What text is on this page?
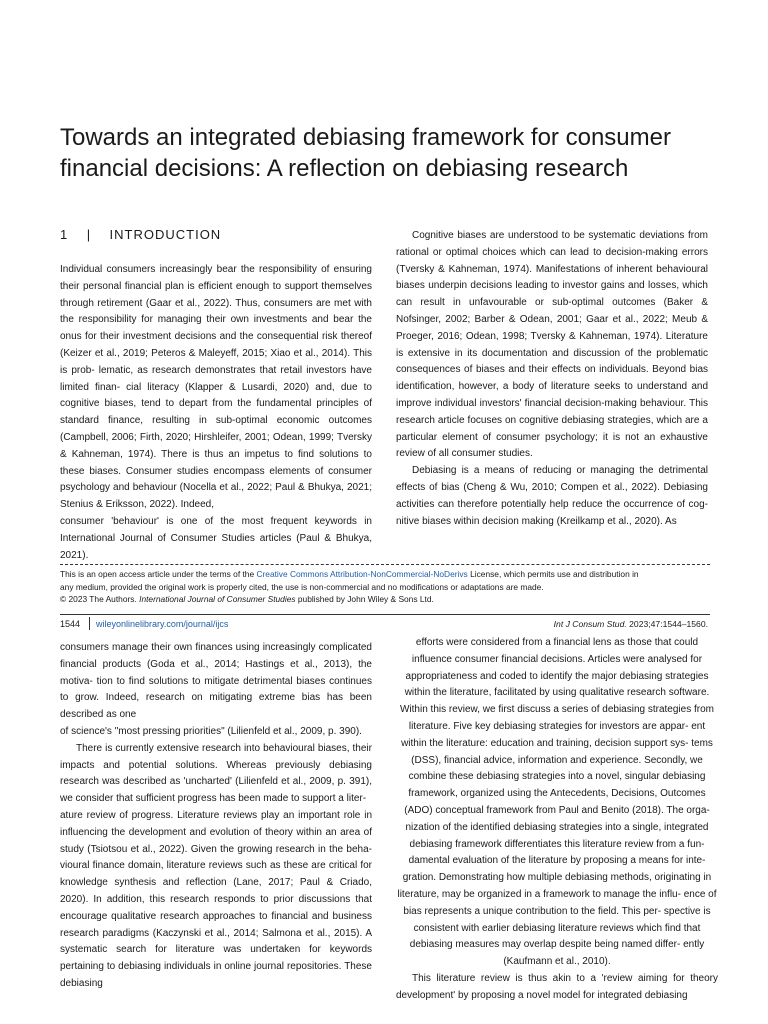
Towards an integrated debiasing framework for consumer financial decisions: A reflection on debiasing research
1 | INTRODUCTION

Individual consumers increasingly bear the responsibility of ensuring their personal financial plan is efficient enough to support themselves through retirement (Gaar et al., 2022). Thus, consumers are met with the responsibility for managing their own investments and bear the onus for their investment decisions and the consequential risk thereof (Keizer et al., 2019; Peteros & Maleyeff, 2015; Xiao et al., 2014). This is prob- lematic, as research demonstrates that retail investors have limited finan- cial literacy (Klapper & Lusardi, 2020) and, due to cognitive biases, tend to depart from the fundamental principles of standard finance, resulting in sub-optimal economic outcomes (Campbell, 2006; Firth, 2020; Hirshleifer, 2001; Odean, 1999; Tversky & Kahneman, 1974). There is thus an impetus to find solutions to these biases. Consumer studies encompass elements of consumer psychology and behaviour (Nocella et al., 2022; Paul & Bhukya, 2021; Stenius & Eriksson, 2022). Indeed,

consumer 'behaviour' is one of the most frequent keywords in International Journal of Consumer Studies articles (Paul & Bhukya, 2021).

Cognitive biases are understood to be systematic deviations from rational or optimal choices which can lead to decision-making errors (Tversky & Kahneman, 1974). Manifestations of inherent behavioural biases underpin decisions leading to investor gains and losses, which can result in unfavourable or sub-optimal outcomes (Baker & Nofsinger, 2002; Barber & Odean, 2001; Gaar et al., 2022; Meub & Proeger, 2016; Odean, 1998; Tversky & Kahneman, 1974). Literature is extensive in its documentation and discussion of the problematic consequences of biases and their effects on individuals. Beyond bias identification, however, a body of literature seeks to understand and improve individual investors' financial decision-making behaviour. This research article focuses on cognitive debiasing strategies, which are a particular element of consumer psychology; it is not an exhaustive review of all consumer studies.

Debiasing is a means of reducing or managing the detrimental effects of bias (Cheng & Wu, 2010; Compen et al., 2022). Debiasing activities can therefore potentially help reduce the occurrence of cog- nitive biases within decision making (Kreilkamp et al., 2020). As

This is an open access article under the terms of the Creative Commons Attribution-NonCommercial-NoDerivs License, which permits use and distribution in

any medium, provided the original work is properly cited, the use is non-commercial and no modifications or adaptations are made.

© 2023 The Authors. International Journal of Consumer Studies published by John Wiley & Sons Ltd.

1544 wileyonlinelibrary.com/journal/ijcs	Int J Consum Stud. 2023;47:1544–1560.

consumers manage their own finances using increasingly complicated financial products (Goda et al., 2014; Hastings et al., 2013), the motiva- tion to find solutions to mitigate detrimental biases continues to grow. Indeed, research on mitigating extreme bias has been described as one

of science's "most pressing priorities" (Lilienfeld et al., 2009, p. 390).

There is currently extensive research into behavioural biases, their impacts and potential solutions. Whereas previously debiasing research was described as 'uncharted' (Lilienfeld et al., 2009, p. 391), we consider that sufficient progress has been made to support a liter-

ature review of progress. Literature reviews play an important role in influencing the development and evolution of theory within an area of study (Tsiotsou et al., 2022). Given the growing research in the beha- vioural finance domain, literature reviews such as these are critical for knowledge synthesis and reflection (Lane, 2017; Paul & Criado, 2020). In addition, this research responds to prior discussions that encourage qualitative research approaches to financial and business research paradigms (Kaczynski et al., 2014; Salmona et al., 2015). A systematic search for literature was undertaken for keywords pertaining to debiasing individuals in online journal repositories. These debiasing

efforts were considered from a financial lens as those that could influence consumer financial decisions. Articles were analysed for appropriateness and coded to identify the major debiasing strategies within the literature, facilitated by using qualitative research software. Within this review, we first discuss a series of debiasing strategies from literature. Five key debiasing strategies for investors are appar- ent within the literature: education and training, decision support sys- tems (DSS), financial advice, information and experience. Secondly, we combine these debiasing strategies into a novel, singular debiasing framework, organized using the Antecedents, Decisions, Outcomes (ADO) conceptual framework from Paul and Benito (2018). The orga- nization of the identified debiasing strategies into a single, integrated debiasing framework differentiates this literature review from a fun- damental evaluation of the literature by proposing a means for inte- gration. Demonstrating how multiple debiasing methods, originating in literature, may be organized in a framework to manage the influ- ence of bias represents a unique contribution to the field. This per- spective is consistent with earlier debiasing literature reviews which find that debiasing measures may overlap despite being named differ- ently (Kaufmann et al., 2010).

This literature review is thus akin to a 'review aiming for theory development' by proposing a novel model for integrated debiasing
